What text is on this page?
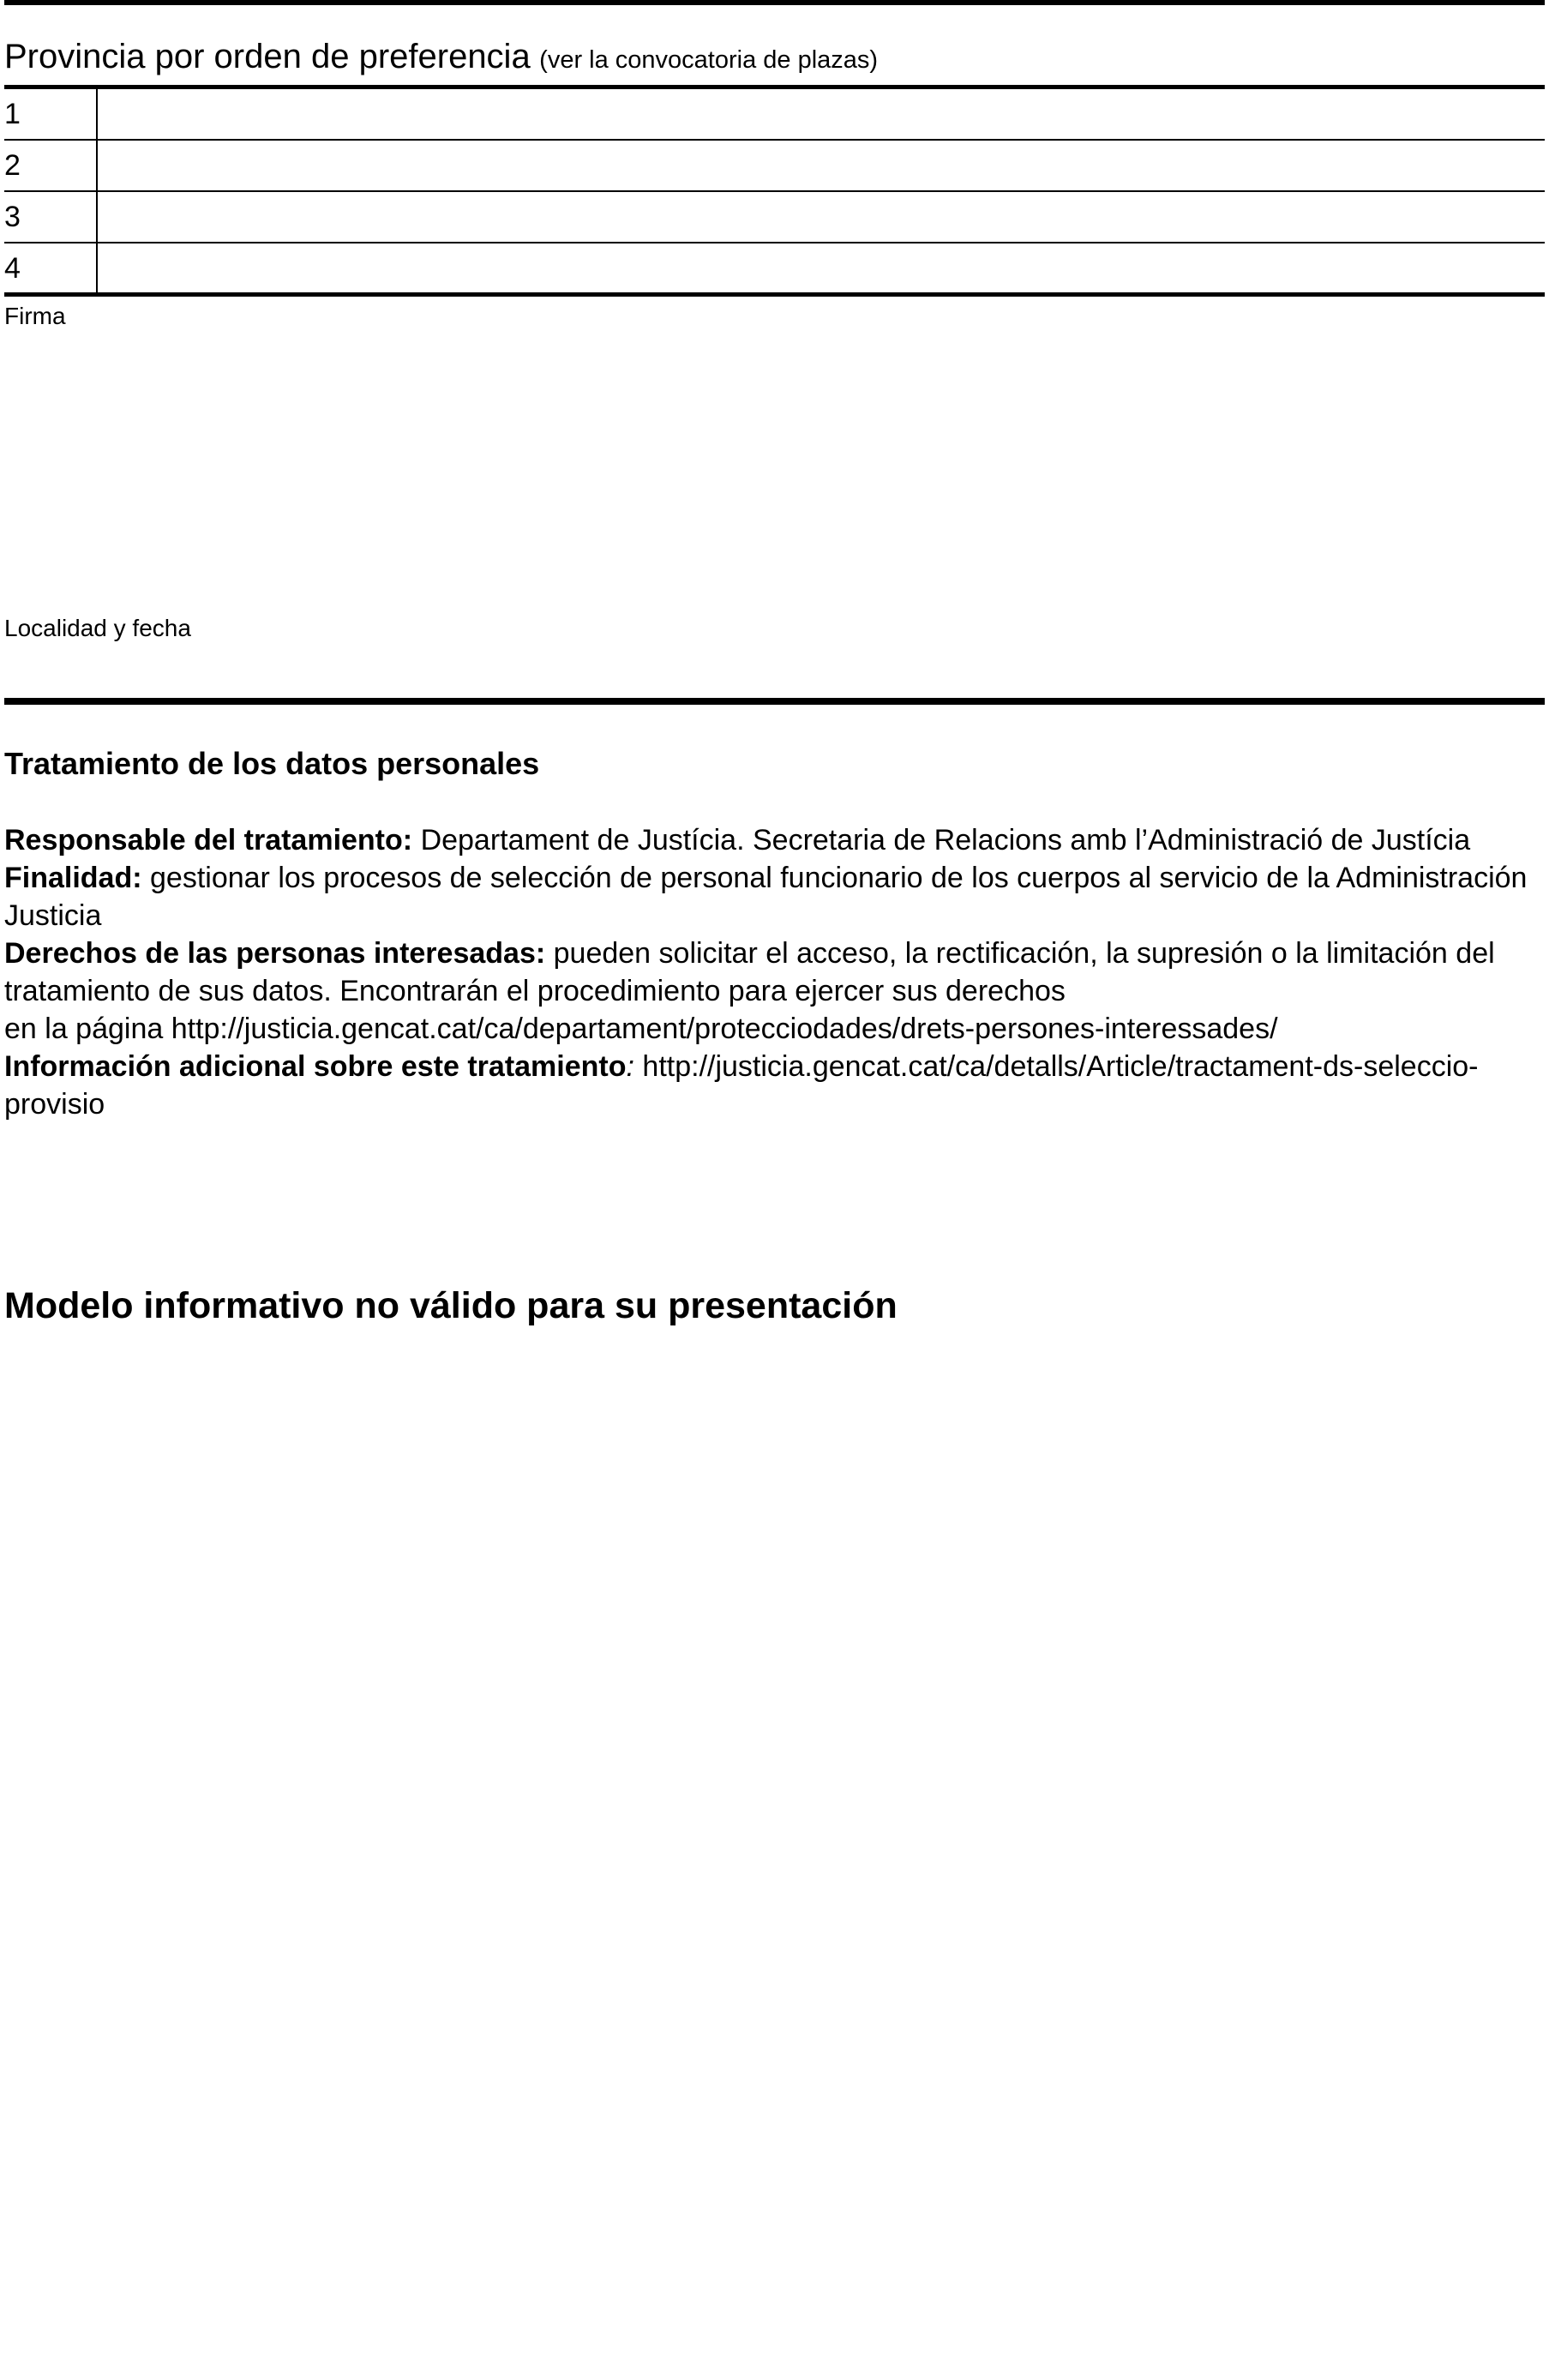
Provincia por orden de preferencia (ver la convocatoria de plazas)
1
2
3
4
Firma
Localidad y fecha
Tratamiento de los datos personales
Responsable del tratamiento: Departament de Justícia. Secretaria de Relacions amb l’Administració de Justícia
Finalidad: gestionar los procesos de selección de personal funcionario de los cuerpos al servicio de la Administración Justicia
Derechos de las personas interesadas: pueden solicitar el acceso, la rectificación, la supresión o la limitación del tratamiento de sus datos. Encontrarán el procedimiento para ejercer sus derechos
en la página http://justicia.gencat.cat/ca/departament/protecciodades/drets-persones-interessades/
Información adicional sobre este tratamiento: http://justicia.gencat.cat/ca/detalls/Article/tractament-ds-seleccio-provisio
Modelo informativo no válido para su presentación
